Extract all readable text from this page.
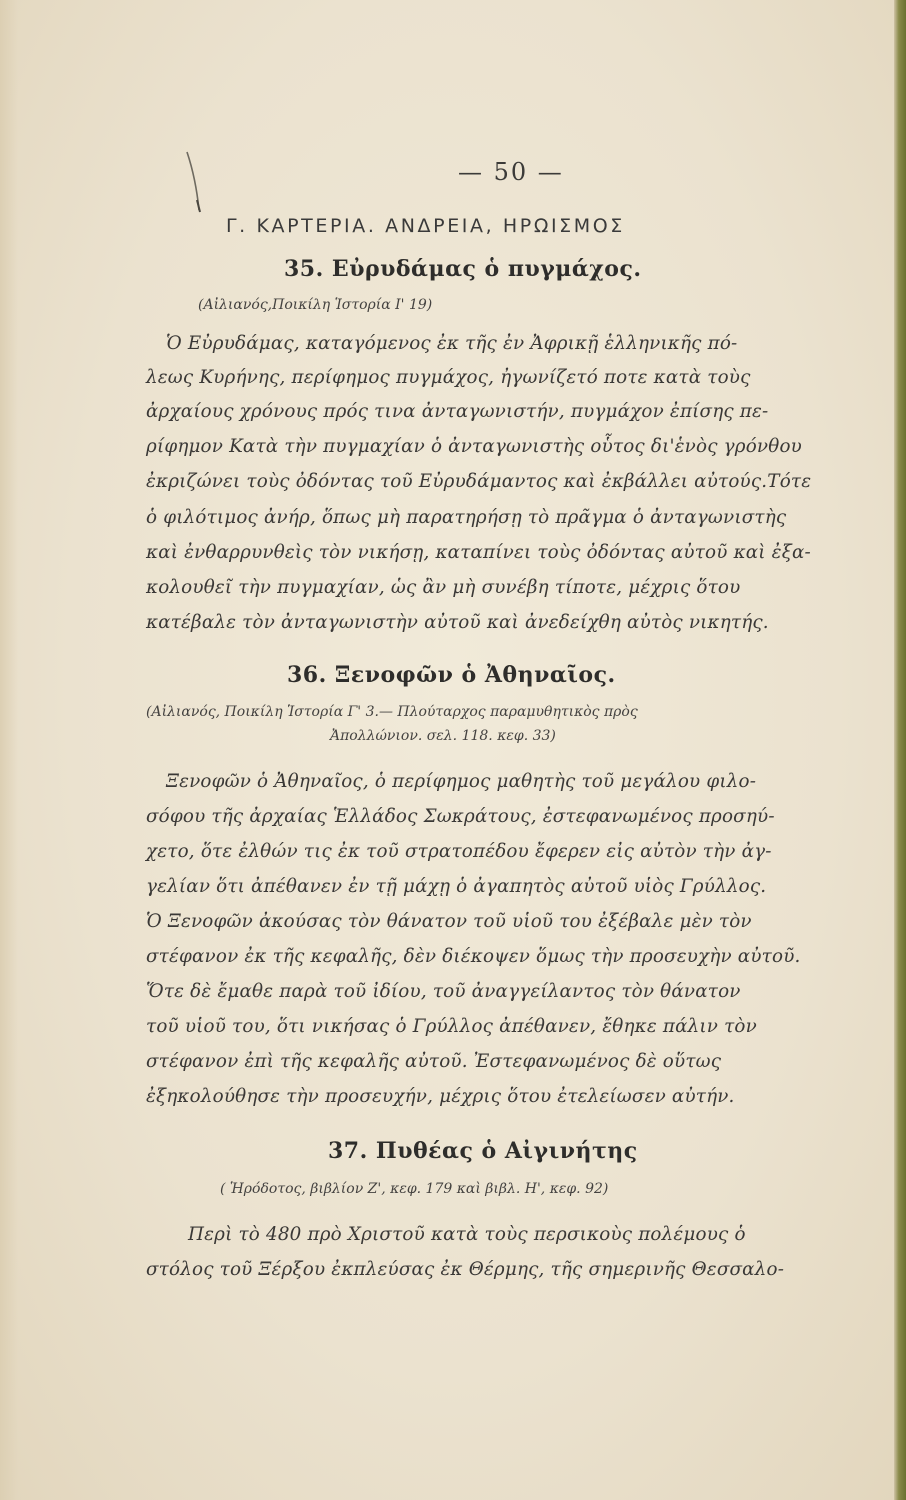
— 50 —
Γ. ΚΑΡΤΕΡΙΑ. ΑΝΔΡΕΙΑ, ΗΡΩΙΣΜΟΣ
35. Εὐρυδάμας ὁ πυγμάχος.
(Αἰλιανός,Ποικίλη Ἱστορία Ι' 19)
Ὁ Εὐρυδάμας, καταγόμενος ἐκ τῆς ἐν Ἀφρικῇ ἑλληνικῆς πό-
λεως Κυρήνης, περίφημος πυγμάχος, ἠγωνίζετό ποτε κατὰ τοὺς
ἀρχαίους χρόνους πρός τινα ἀνταγωνιστήν, πυγμάχον ἐπίσης πε-
ρίφημον Κατὰ τὴν πυγμαχίαν ὁ ἀνταγωνιστὴς οὗτος δι'ἑνὸς γρόνθου
ἐκριζώνει τοὺς ὀδόντας τοῦ Εὐρυδάμαντος καὶ ἐκβάλλει αὐτούς.Τότε
ὁ φιλότιμος ἀνήρ, ὅπως μὴ παρατηρήσῃ τὸ πρᾶγμα ὁ ἀνταγωνιστὴς
καὶ ἐνθαρρυνθεὶς τὸν νικήσῃ, καταπίνει τοὺς ὀδόντας αὐτοῦ καὶ ἐξα-
κολουθεῖ τὴν πυγμαχίαν, ὡς ἂν μὴ συνέβη τίποτε, μέχρις ὅτου
κατέβαλε τὸν ἀνταγωνιστὴν αὐτοῦ καὶ ἀνεδείχθη αὐτὸς νικητής.
36. Ξενοφῶν ὁ Ἀθηναῖος.
(Αἰλιανός, Ποικίλη Ἱστορία Γ' 3.— Πλούταρχος παραμυθητικὸς πρὸς
Ἀπολλώνιον. σελ. 118. κεφ. 33)
Ξενοφῶν ὁ Ἀθηναῖος, ὁ περίφημος μαθητὴς τοῦ μεγάλου φιλο-
σόφου τῆς ἀρχαίας Ἑλλάδος Σωκράτους, ἐστεφανωμένος προσηύ-
χετο, ὅτε ἐλθών τις ἐκ τοῦ στρατοπέδου ἔφερεν εἰς αὐτὸν τὴν ἀγ-
γελίαν ὅτι ἀπέθανεν ἐν τῇ μάχῃ ὁ ἀγαπητὸς αὐτοῦ υἱὸς Γρύλλος.
Ὁ Ξενοφῶν ἀκούσας τὸν θάνατον τοῦ υἱοῦ του ἐξέβαλε μὲν τὸν
στέφανον ἐκ τῆς κεφαλῆς, δὲν διέκοψεν ὅμως τὴν προσευχὴν αὐτοῦ.
Ὅτε δὲ ἔμαθε παρὰ τοῦ ἰδίου, τοῦ ἀναγγείλαντος τὸν θάνατον
τοῦ υἱοῦ του, ὅτι νικήσας ὁ Γρύλλος ἀπέθανεν, ἔθηκε πάλιν τὸν
στέφανον ἐπὶ τῆς κεφαλῆς αὐτοῦ. Ἐστεφανωμένος δὲ οὕτως
ἐξηκολούθησε τὴν προσευχήν, μέχρις ὅτου ἐτελείωσεν αὐτήν.
37. Πυθέας ὁ Αἰγινήτης
( Ἡρόδοτος, βιβλίον Ζ', κεφ. 179 καὶ βιβλ. Η', κεφ. 92)
Περὶ τὸ 480 πρὸ Χριστοῦ κατὰ τοὺς περσικοὺς πολέμους ὁ
στόλος τοῦ Ξέρξου ἐκπλεύσας ἐκ Θέρμης, τῆς σημερινῆς Θεσσαλο-
